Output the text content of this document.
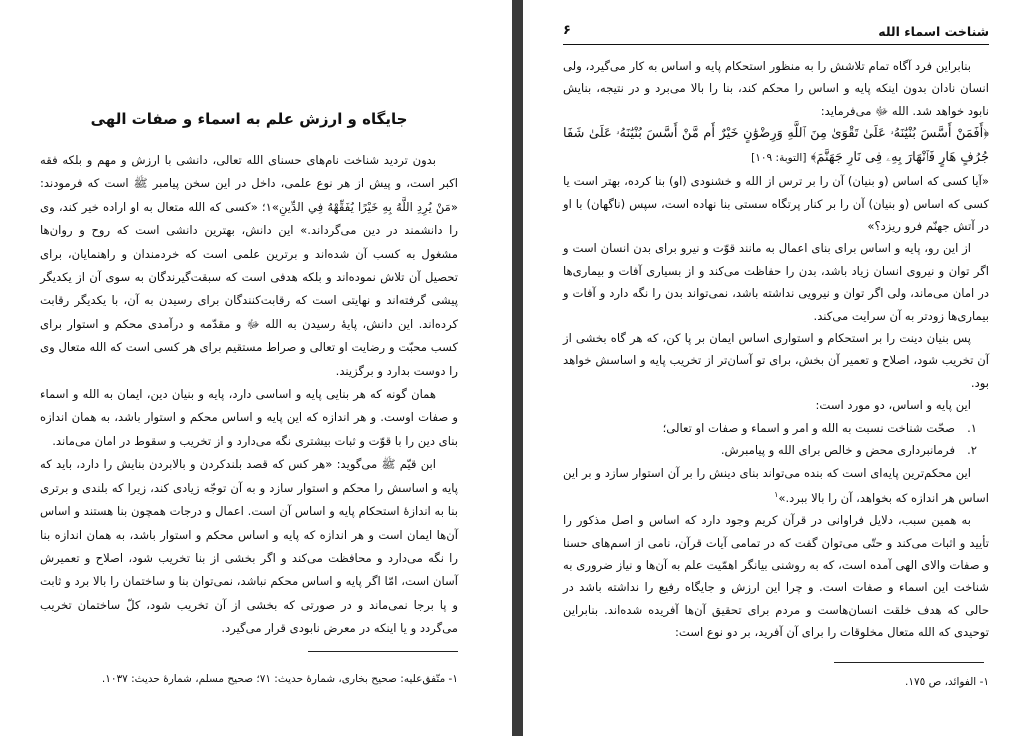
جایگاه و ارزش علم به اسماء و صفات الهی

بدون تردید شناخت نام‌های حسنای الله تعالی، دانشی با ارزش و مهم و بلکه فقه اکبر است، و پیش از هر نوع علمی، داخل در این سخن پیامبر ﷺ است که فرمودند: «مَنْ يُرِدِ اللَّهُ بِهِ خَيْرًا يُفَقِّهْهُ فِي الدِّينِ»١؛ «کسی که الله متعال به او اراده خیر کند، وی را دانشمند در دین می‌گرداند.» این دانش، بهترین دانشی است که روح و روان‌ها مشغول به کسب آن شده‌اند و برترین علمی است که خردمندان و راهنمایان، برای تحصیل آن تلاش نموده‌اند و بلکه هدفی است که سبقت‌گیرندگان به سوی آن از یکدیگر پیشی گرفته‌اند و نهایتی است که رقابت‌کنندگان برای رسیدن به آن، با یکدیگر رقابت کرده‌اند. این دانش، پایهٔ رسیدن به الله ﷻ و مقدّمه و درآمدی محکم و استوار برای کسب محبّت و رضایت او تعالی و صراط مستقیم برای هر کسی است که الله متعال وی را دوست بدارد و برگزیند.

همان گونه که هر بنایی پایه و اساسی دارد، پایه و بنیان دین، ایمان به الله و اسماء و صفات اوست. و هر اندازه که این پایه و اساس محکم و استوار باشد، به همان اندازه بنای دین را با قوّت و ثبات بیشتری نگه می‌دارد و از تخریب و سقوط در امان می‌ماند.

ابن قیّم ﷺ می‌گوید: «هر کس که قصد بلندکردن و بالابردن بنایش را دارد، باید که پایه و اساسش را محکم و استوار سازد و به آن توجّه زیادی کند، زیرا که بلندی و برتری بنا به اندازهٔ استحکام پایه و اساس آن است. اعمال و درجات همچون بنا هستند و اساس آن‌ها ایمان است و هر اندازه که پایه و اساس محکم و استوار باشد، به همان اندازه بنا را نگه می‌دارد و محافظت می‌کند و اگر بخشی از بنا تخریب شود، اصلاح و تعمیرش آسان است، امّا اگر پایه و اساس محکم نباشد، نمی‌توان بنا و ساختمان را بالا برد و ثابت و پا برجا نمی‌ماند و در صورتی که بخشی از آن تخریب شود، کلّ ساختمان تخریب می‌گردد و یا اینکه در معرض نابودی قرار می‌گیرد.

١- متّفق‌علیه: صحیح بخاری، شمارهٔ حدیث: ٧١؛ صحیح مسلم، شمارهٔ حدیث: ١٠٣٧.
شناخت اسماء الله
۶

بنابراین فرد آگاه تمام تلاشش را به منظور استحکام پایه و اساس به کار می‌گیرد، ولی انسان نادان بدون اینکه پایه و اساس را محکم کند، بنا را بالا می‌برد و در نتیجه، بنایش نابود خواهد شد. الله ﷻ می‌فرماید:

﴿أَفَمَنْ أَسَّسَ بُنْيَٰنَهُۥ عَلَىٰ تَقْوَىٰ مِنَ ٱللَّهِ وَرِضْوَٰنٍ خَيْرٌ أَم مَّنْ أَسَّسَ بُنْيَٰنَهُۥ عَلَىٰ شَفَا جُرُفٍ هَارٍ فَٱنْهَارَ بِهِۦ فِى نَارِ جَهَنَّمَ﴾ [التوبة: ١٠٩]

«آیا کسی که اساس (و بنیان) آن را بر ترس از الله و خشنودی (او) بنا کرده، بهتر است یا کسی که اساس (و بنیان) آن را بر کنار پرتگاه سستی بنا نهاده است، سپس (ناگهان) با او در آتش جهنّم فرو ریزد؟»

از این رو، پایه و اساس برای بنای اعمال به مانند قوّت و نیرو برای بدن انسان است و اگر توان و نیروی انسان زیاد باشد، بدن را حفاظت می‌کند و از بسیاری آفات و بیماری‌ها در امان می‌ماند، ولی اگر توان و نیرویی نداشته باشد، نمی‌تواند بدن را نگه دارد و آفات و بیماری‌ها زودتر به آن سرایت می‌کند.

پس بنیان دینت را بر استحکام و استواری اساس ایمان بر پا کن، که هر گاه بخشی از آن تخریب شود، اصلاح و تعمیر آن بخش، برای تو آسان‌تر از تخریب پایه و اساسش خواهد بود.

این پایه و اساس، دو مورد است:

١.
صحّت شناخت نسبت به الله و امر و اسماء و صفات او تعالی؛
٢.
فرمانبرداری محض و خالص برای الله و پیامبرش.

این محکم‌ترین پایه‌ای است که بنده می‌تواند بنای دینش را بر آن استوار سازد و بر این اساس هر اندازه که بخواهد، آن را بالا ببرد.»$^١$

به همین سبب، دلایل فراوانی در قرآن کریم وجود دارد که اساس و اصل مذکور را تأیید و اثبات می‌کند و حتّی می‌توان گفت که در تمامی آیات قرآن، نامی از اسم‌های حسنا و صفات والای الهی آمده است، که به روشنی بیانگر اهمّیت علم به آن‌ها و نیاز ضروری به شناخت این اسماء و صفات است. و چرا این ارزش و جایگاه رفیع را نداشته باشد در حالی که هدف خلقت انسان‌هاست و مردم برای تحقیق آن‌ها آفریده شده‌اند. بنابراین توحیدی که الله متعال مخلوقات را برای آن آفرید، بر دو نوع است:

١- الفوائد، ص ١٧٥.
